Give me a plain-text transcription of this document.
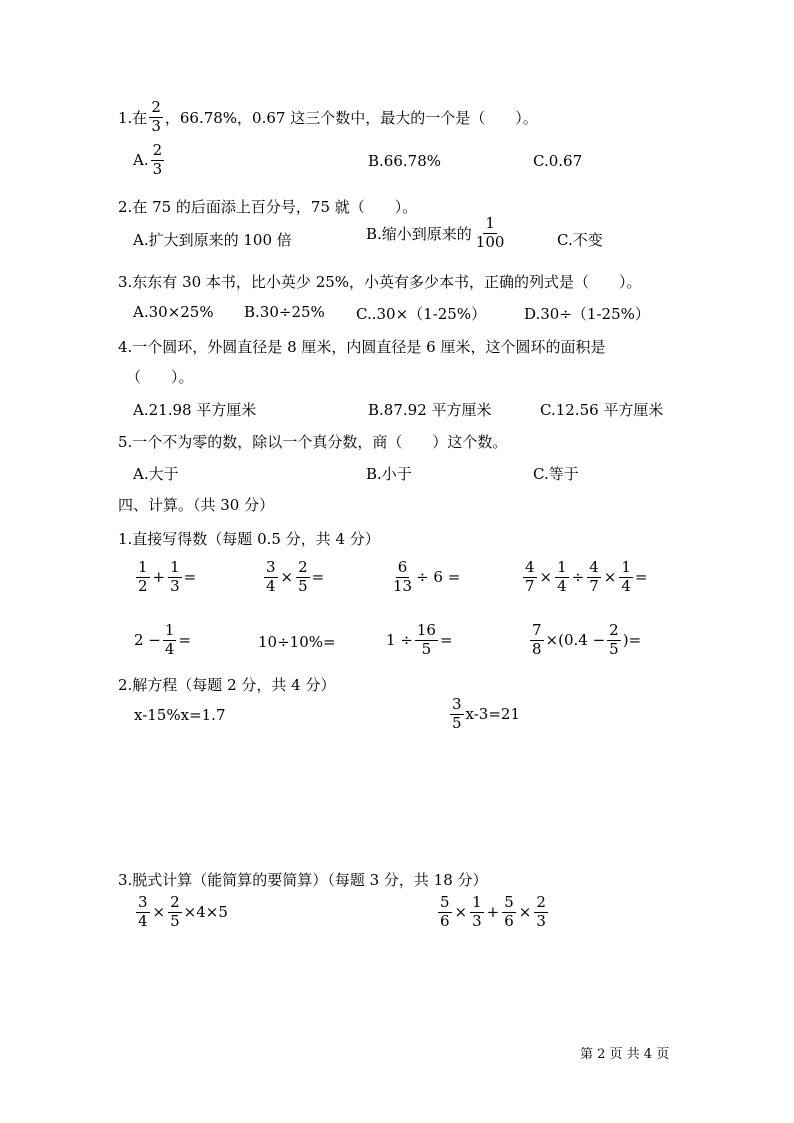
1.在 $\frac{2}{3}$ ，66.78%，0.67 这三个数中，最大的一个是（　　）。
A. $\frac{2}{3}$	B.66.78%	C.0.67
2.在 75 的后面添上百分号，75 就（　　）。
A.扩大到原来的 100 倍	B.缩小到原来的 $\frac{1}{100}$	C.不变
3.东东有 30 本书，比小英少 25%，小英有多少本书，正确的列式是（　　）。
A.30×25% B.30÷25% C..30×（1-25%）	D.30÷（1-25%）
4.一个圆环，外圆直径是 8 厘米，内圆直径是 6 厘米，这个圆环的面积是
（　　）。
A.21.98 平方厘米	B.87.92 平方厘米	C.12.56 平方厘米
5.一个不为零的数，除以一个真分数，商（　　）这个数。
A.大于	B.小于	C.等于
四、计算。（共 30 分）
1.直接写得数（每题 0.5 分，共 4 分）
$\frac{1}{2} + \frac{1}{3}$ =	$\frac{3}{4} \times \frac{2}{5}$ =	$\frac{6}{13} \div 6$ =	$\frac{4}{7} \times \frac{1}{4} \div \frac{4}{7} \times \frac{1}{4}$ =
$2 - \frac{1}{4}$ =	10÷10%=	$1 \div \frac{16}{5}$ =	$\frac{7}{8} \times(0.4 - \frac{2}{5}$ )=
2.解方程（每题 2 分，共 4 分）
x-15%x=1.7	$\frac{3}{5} x-3=21$
3.脱式计算（能简算的要简算）（每题 3 分，共 18 分）
$\frac{3}{4} \times \frac{2}{5} \times 4\times 5$	$\frac{5}{6} \times \frac{1}{3} + \frac{5}{6} \times \frac{2}{3}$
第 2 页 共 4 页
